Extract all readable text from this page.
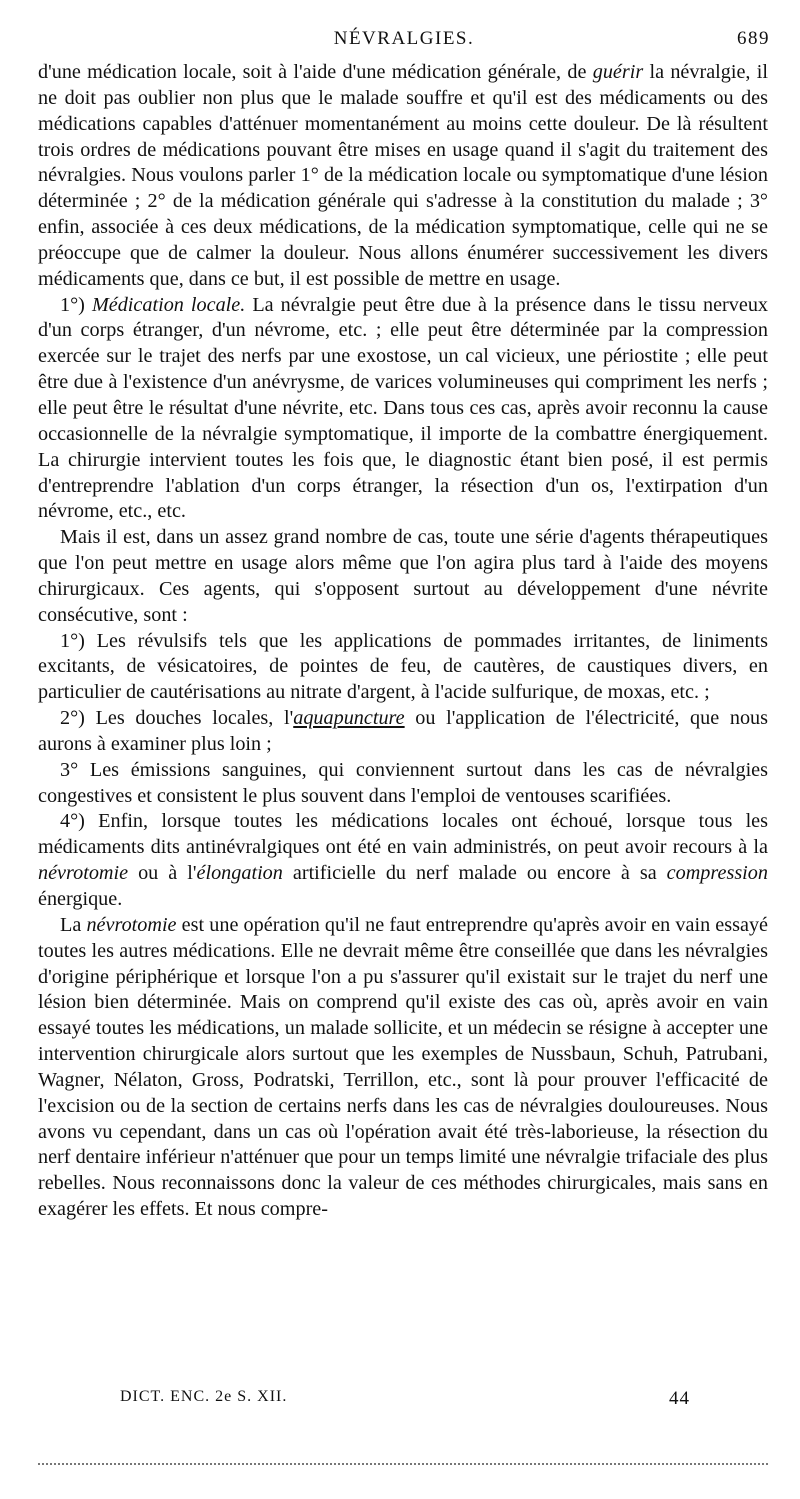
NÉVRALGIES.	689

d'une médication locale, soit à l'aide d'une médication générale, de guérir la névralgie, il ne doit pas oublier non plus que le malade souffre et qu'il est des médicaments ou des médications capables d'atténuer momentanément au moins cette douleur. De là résultent trois ordres de médications pouvant être mises en usage quand il s'agit du traitement des névralgies. Nous voulons parler 1° de la médication locale ou symptomatique d'une lésion déterminée ; 2° de la médication générale qui s'adresse à la constitution du malade ; 3° enfin, associée à ces deux médications, de la médication symptomatique, celle qui ne se préoccupe que de calmer la douleur. Nous allons énumérer successivement les divers médicaments que, dans ce but, il est possible de mettre en usage.

1°) Médication locale. La névralgie peut être due à la présence dans le tissu nerveux d'un corps étranger, d'un névrome, etc. ; elle peut être déterminée par la compression exercée sur le trajet des nerfs par une exostose, un cal vicieux, une périostite ; elle peut être due à l'existence d'un anévrysme, de varices volumineuses qui compriment les nerfs ; elle peut être le résultat d'une névrite, etc. Dans tous ces cas, après avoir reconnu la cause occasionnelle de la névralgie symptomatique, il importe de la combattre énergiquement. La chirurgie intervient toutes les fois que, le diagnostic étant bien posé, il est permis d'entreprendre l'ablation d'un corps étranger, la résection d'un os, l'extirpation d'un névrome, etc., etc.

Mais il est, dans un assez grand nombre de cas, toute une série d'agents thérapeutiques que l'on peut mettre en usage alors même que l'on agira plus tard à l'aide des moyens chirurgicaux. Ces agents, qui s'opposent surtout au développement d'une névrite consécutive, sont :

1°) Les révulsifs tels que les applications de pommades irritantes, de liniments excitants, de vésicatoires, de pointes de feu, de cautères, de caustiques divers, en particulier de cautérisations au nitrate d'argent, à l'acide sulfurique, de moxas, etc. ;

2°) Les douches locales, l'aquapuncture ou l'application de l'électricité, que nous aurons à examiner plus loin ;

3° Les émissions sanguines, qui conviennent surtout dans les cas de névralgies congestives et consistent le plus souvent dans l'emploi de ventouses scarifiées.

4°) Enfin, lorsque toutes les médications locales ont échoué, lorsque tous les médicaments dits antinévralgiques ont été en vain administrés, on peut avoir recours à la névrotomie ou à l'élongation artificielle du nerf malade ou encore à sa compression énergique.

La névrotomie est une opération qu'il ne faut entreprendre qu'après avoir en vain essayé toutes les autres médications. Elle ne devrait même être conseillée que dans les névralgies d'origine périphérique et lorsque l'on a pu s'assurer qu'il existait sur le trajet du nerf une lésion bien déterminée. Mais on comprend qu'il existe des cas où, après avoir en vain essayé toutes les médications, un malade sollicite, et un médecin se résigne à accepter une intervention chirurgicale alors surtout que les exemples de Nussbaun, Schuh, Patrubani, Wagner, Nélaton, Gross, Podratski, Terrillon, etc., sont là pour prouver l'efficacité de l'excision ou de la section de certains nerfs dans les cas de névralgies douloureuses. Nous avons vu cependant, dans un cas où l'opération avait été très-laborieuse, la résection du nerf dentaire inférieur n'atténuer que pour un temps limité une névralgie trifaciale des plus rebelles. Nous reconnaissons donc la valeur de ces méthodes chirurgicales, mais sans en exagérer les effets. Et nous compre-

DICT. ENC. 2e S. XII.	44
